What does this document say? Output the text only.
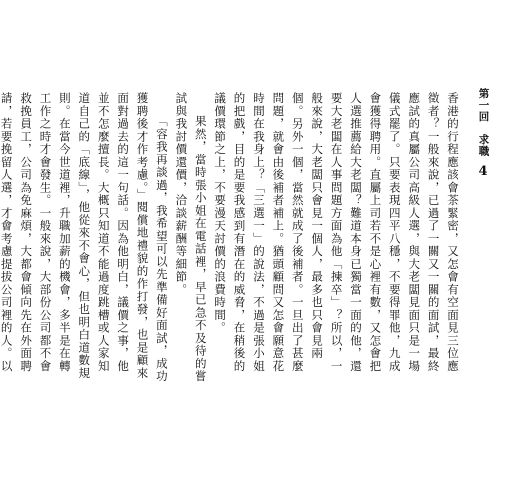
第一回　求職
4

香港的行程應該會茶緊密，又怎會有空面見三位應徵者？一般來說，已過了一關又一關的面試，最終應試的真屬公司高級人選，與大老闆見面只是一場儀式罷了。只要表現四平八穩，不要得罪他，九成會獲得聘用。直屬上司若不是心裡有數，又怎會把人選推薦給大老闆？難道本身已獨當一面的他，還要大老闆在人事問題方面為他「揀卒」？所以，一般來說，大老闆只會見一個人，最多也只會見兩個。另外一個，當然就成了後補者。一旦出了甚麼問題，就會由後補者補上。猶頭顧問又怎會願意花時間在我身上？「三選一」的說法，不過是張小姐的把戲，目的是要我感到有潛在的威脅，在稍後的議價環節之上，不要漫天討價的浪費時間。

果然，當時張小姐在電話裡，早已急不及待的嘗試與我討價還價，洽談薪酬等細節。

「容我再談過，我希望可以先準備好面試，成功獲聘後才作考慮。」閱償地禮貌的作打發，也是顧來面對過去的這一句話。因為他明白，議價之事，他並不怎麼擅長。大概只知道不能過度跳槽或人家知道自己的「底線」，他從來不會心，但也明白道數規則。在當今世道裡，升職加薪的機會，多半是在轉工作之時才會發生。一般來說，大部份公司都不會救挽員工，公司為免麻煩，大都會傾向先在外面聘請，若要挽留人選，才會考慮提拔公司裡的人。以
